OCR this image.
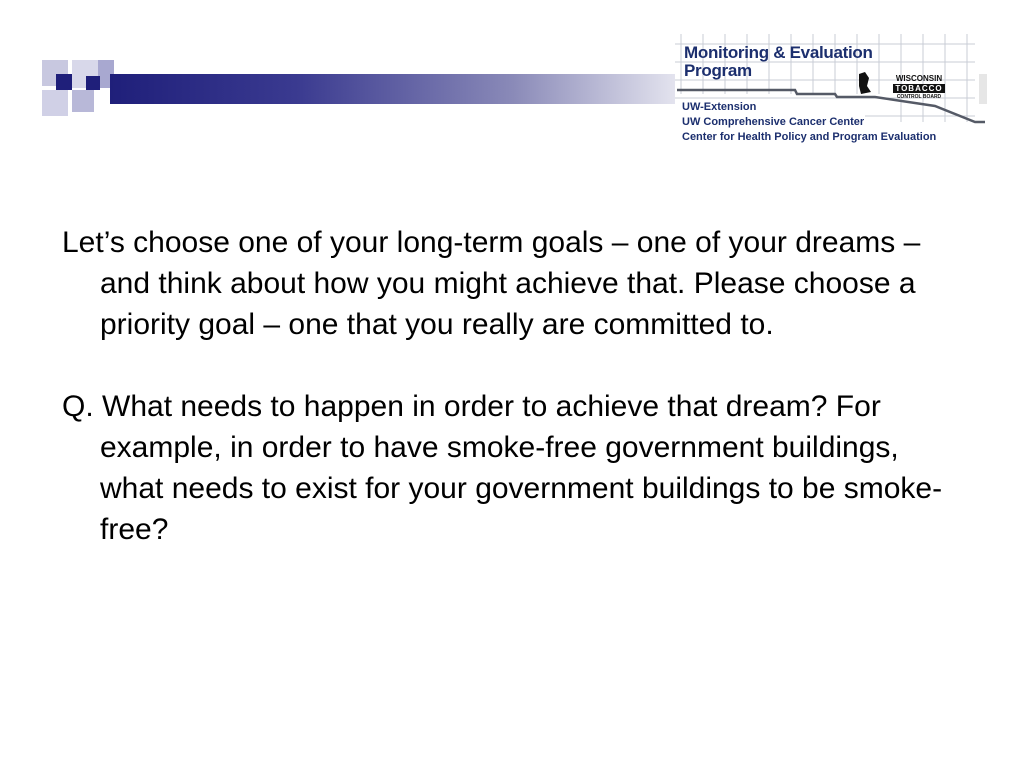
Monitoring & Evaluation
Program	WISCONSIN
TOBACCO
CONTROL BOARD
UW-Extension
UW Comprehensive Cancer Center
Center for Health Policy and Program Evaluation

Let’s choose one of your long-term goals – one of your dreams – and think about how you might achieve that. Please choose a priority goal – one that you really are committed to.

Q. What needs to happen in order to achieve that dream? For example, in order to have smoke-free government buildings, what needs to exist for your government buildings to be smoke-free?
